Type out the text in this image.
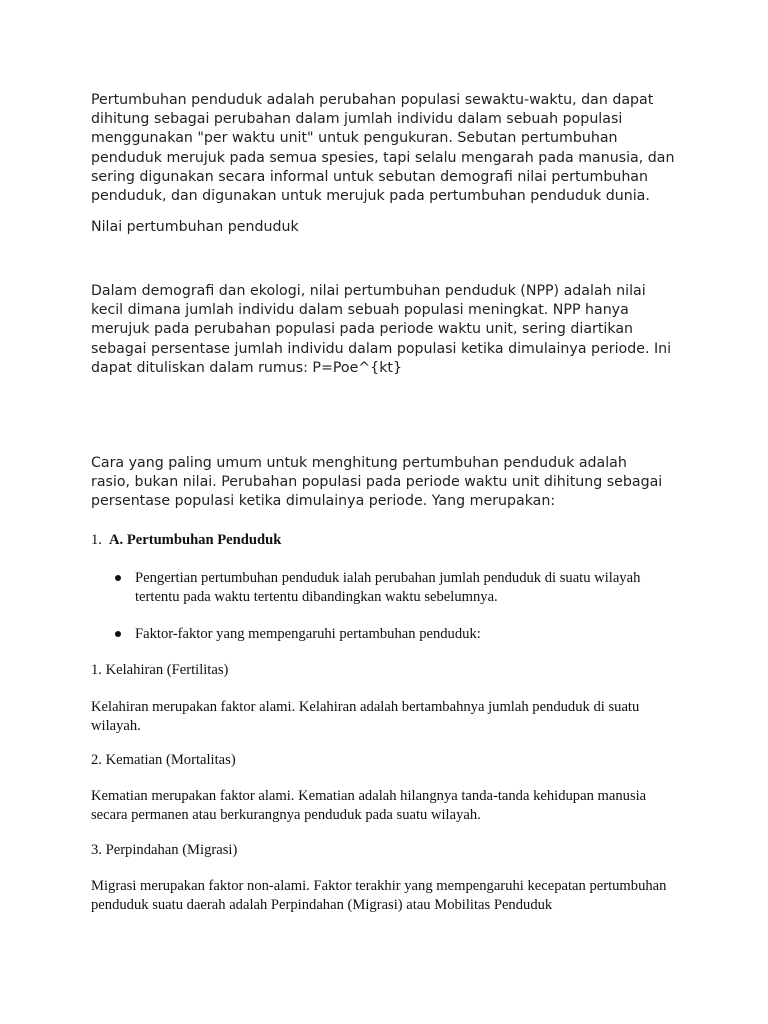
Pertumbuhan penduduk adalah perubahan populasi sewaktu-waktu, dan dapat dihitung sebagai perubahan dalam jumlah individu dalam sebuah populasi menggunakan "per waktu unit" untuk pengukuran. Sebutan pertumbuhan penduduk merujuk pada semua spesies, tapi selalu mengarah pada manusia, dan sering digunakan secara informal untuk sebutan demografi nilai pertumbuhan penduduk, dan digunakan untuk merujuk pada pertumbuhan penduduk dunia.

Nilai pertumbuhan penduduk

Dalam demografi dan ekologi, nilai pertumbuhan penduduk (NPP) adalah nilai kecil dimana jumlah individu dalam sebuah populasi meningkat. NPP hanya merujuk pada perubahan populasi pada periode waktu unit, sering diartikan sebagai persentase jumlah individu dalam populasi ketika dimulainya periode. Ini dapat dituliskan dalam rumus: P=Poe^{kt}

Cara yang paling umum untuk menghitung pertumbuhan penduduk adalah rasio, bukan nilai. Perubahan populasi pada periode waktu unit dihitung sebagai persentase populasi ketika dimulainya periode. Yang merupakan:

1. A. Pertumbuhan Penduduk
Pengertian pertumbuhan penduduk ialah perubahan jumlah penduduk di suatu wilayah tertentu pada waktu tertentu dibandingkan waktu sebelumnya.
Faktor-faktor yang mempengaruhi pertambuhan penduduk:

1. Kelahiran (Fertilitas)

Kelahiran merupakan faktor alami. Kelahiran adalah bertambahnya jumlah penduduk di suatu wilayah.

2. Kematian (Mortalitas)

Kematian merupakan faktor alami. Kematian adalah hilangnya tanda-tanda kehidupan manusia secara permanen atau berkurangnya penduduk pada suatu wilayah.

3. Perpindahan (Migrasi)

Migrasi merupakan faktor non-alami. Faktor terakhir yang mempengaruhi kecepatan pertumbuhan penduduk suatu daerah adalah Perpindahan (Migrasi) atau Mobilitas Penduduk
